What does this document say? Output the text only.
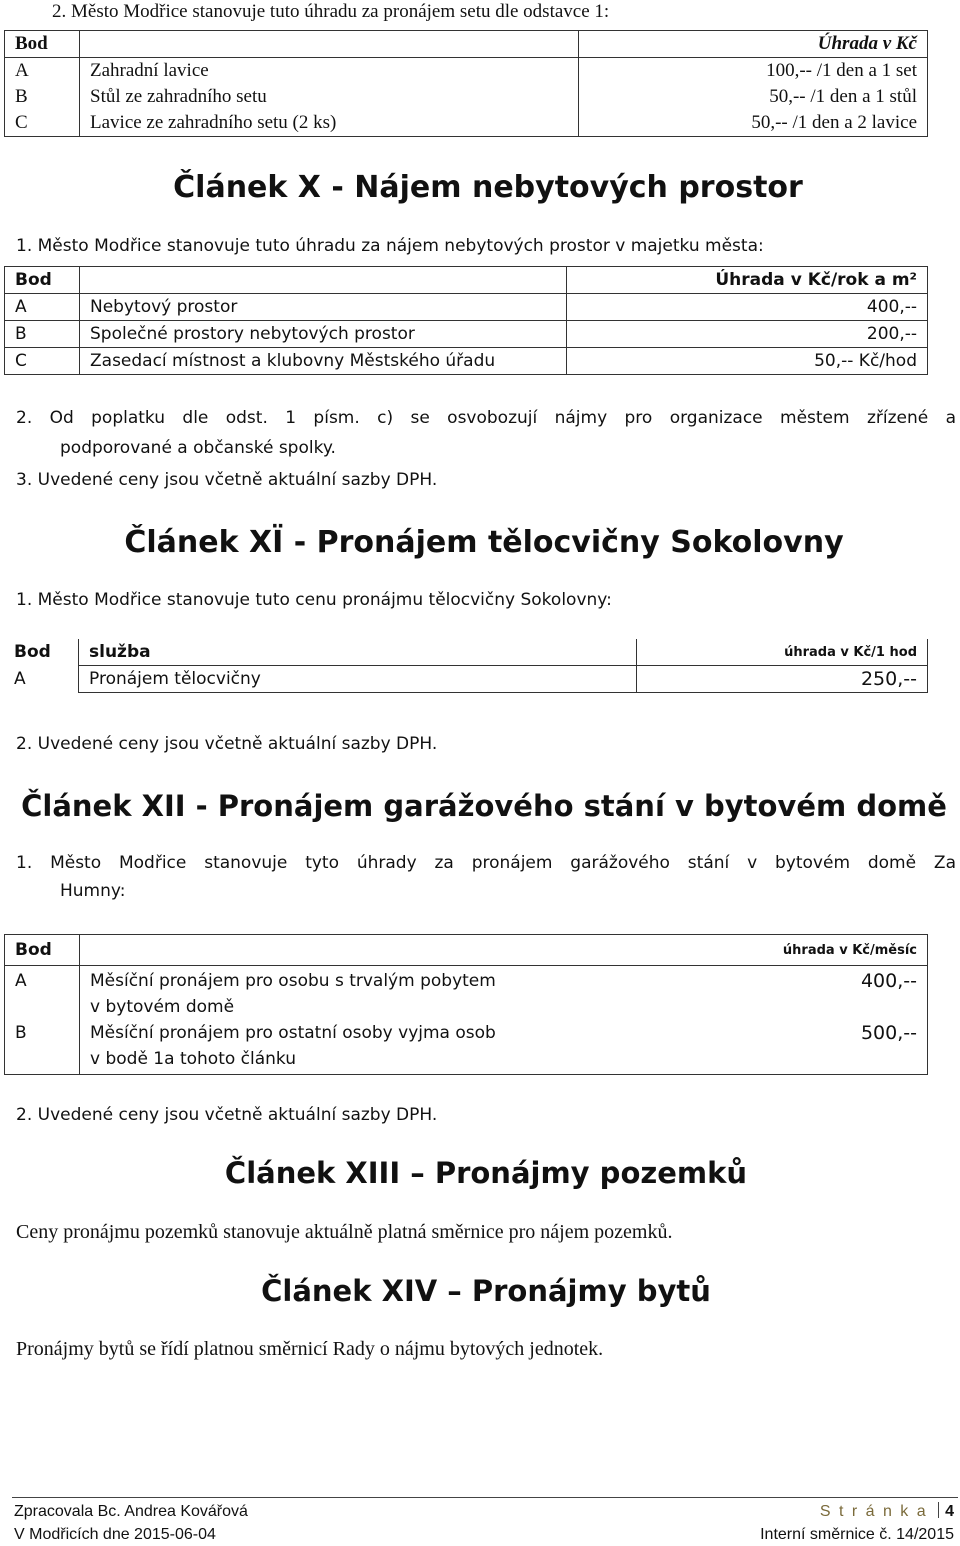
2. Město Modřice stanovuje tuto úhradu za pronájem setu dle odstavce 1:
Bod		Úhrada v Kč
A	Zahradní lavice	100,-- /1 den a 1 set
B	Stůl ze zahradního setu	50,-- /1 den a 1 stůl
C	Lavice ze zahradního setu (2 ks)	50,-- /1 den a 2 lavice
Článek X - Nájem nebytových prostor
1. Město Modřice stanovuje tuto úhradu za nájem nebytových prostor v majetku města:
Bod		Úhrada v Kč/rok a m²
A	Nebytový prostor	400,--
B	Společné prostory nebytových prostor	200,--
C	Zasedací místnost a klubovny Městského úřadu	50,-- Kč/hod
2. Od poplatku dle odst. 1 písm. c) se osvobozují nájmy pro organizace městem zřízené a
podporované a občanské spolky.
3. Uvedené ceny jsou včetně aktuální sazby DPH.
Článek XÏ - Pronájem tělocvičny Sokolovny
1. Město Modřice stanovuje tuto cenu pronájmu tělocvičny Sokolovny:
Bod	služba	úhrada v Kč/1 hod
A	Pronájem tělocvičny	250,--
2. Uvedené ceny jsou včetně aktuální sazby DPH.
Článek XII - Pronájem garážového stání v bytovém domě
1. Město Modřice stanovuje tyto úhrady za pronájem garážového stání v bytovém domě Za
Humny:
Bod		úhrada v Kč/měsíc
A	Měsíční pronájem pro osobu s trvalým pobytem
v bytovém domě	400,--
B	Měsíční pronájem pro ostatní osoby vyjma osob
v bodě 1a tohoto článku	500,--
2. Uvedené ceny jsou včetně aktuální sazby DPH.
Článek XIII – Pronájmy pozemků
Ceny pronájmu pozemků stanovuje aktuálně platná směrnice pro nájem pozemků.
Článek XIV – Pronájmy bytů
Pronájmy bytů se řídí platnou směrnicí Rady o nájmu bytových jednotek.
Zpracovala Bc. Andrea Kovářová	S t r á n k a 4
V Modřicích dne 2015-06-04	Interní směrnice č. 14/2015
